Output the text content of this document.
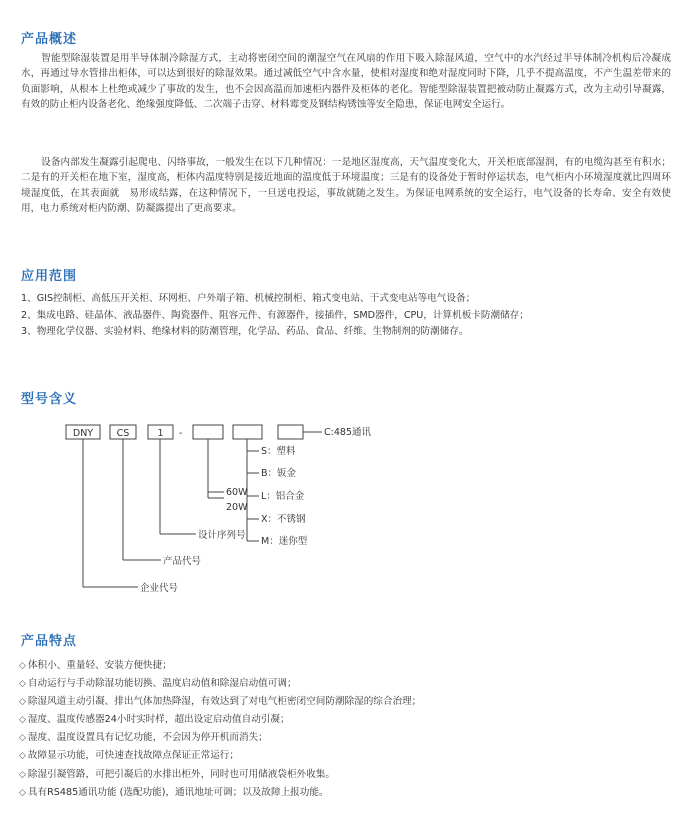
产品概述

智能型除湿装置是用半导体制冷除湿方式，主动将密闭空间的潮湿空气在风扇的作用下吸入除湿风道，空气中的水汽经过半导体制冷机构后冷凝成水，再通过导水管排出柜体，可以达到很好的除湿效果。通过减低空气中含水量，使相对湿度和绝对湿度同时下降，几乎不提高温度，不产生温差带来的负面影响，从根本上杜绝或减少了事故的发生，也不会因高温而加速柜内器件及柜体的老化。智能型除湿装置把被动防止凝露方式，改为主动引导凝露，有效的防止柜内设备老化、绝缘强度降低、二次端子击穿、材料霉变及钢结构锈蚀等安全隐患，保证电网安全运行。

设备内部发生凝露引起爬电、闪络事故，一般发生在以下几种情况：一是地区湿度高，天气温度变化大，开关柜底部湿润，有的电缆沟甚至有积水；二是有的开关柜在地下室，湿度高，柜体内温度特别是接近地面的温度低于环境温度；三是有的设备处于暂时停运状态，电气柜内小环境湿度就比四周环境湿度低，在其表面就　易形成结露，在这种情况下，一旦送电投运，事故就随之发生。为保证电网系统的安全运行，电气设备的长寿命、安全有效使用，电力系统对柜内防潮、防凝露提出了更高要求。

应用范围
1、GIS控制柜、高低压开关柜、环网柜、户外端子箱、机械控制柜、箱式变电站、干式变电站等电气设备；
2、集成电路、硅晶体、液晶器件、陶瓷器件、阻容元件、有源器件，接插件，SMD器件，CPU，计算机板卡防潮储存；
3、物理化学仪器、实验材料、绝缘材料的防潮管理，化学品、药品、食品、纤维、生物制剂的防潮储存。
型号含义
DNY CS	1 -	C:485通讯
S：塑料
B：钣金
L：铝合金
X：不锈钢
M：迷你型
60W
20W
设计序列号
产品代号
企业代号
产品特点
◇ 体积小、重量轻、安装方便快捷；
◇ 自动运行与手动除湿功能切换、温度启动值和除湿启动值可调；
◇ 除湿风道主动引凝、排出气体加热降湿，有效达到了对电气柜密闭空间防潮除湿的综合治理；
◇ 湿度、温度传感器24小时实时样，超出设定启动值自动引凝；
◇ 湿度、温度设置具有记忆功能，不会因为停开机而消失；
◇ 故障显示功能，可快速查找故障点保证正常运行；
◇ 除湿引凝管路，可把引凝后的水排出柜外，同时也可用储液袋柜外收集。
◇ 具有RS485通讯功能 (选配功能)，通讯地址可调；以及故障上报功能。
